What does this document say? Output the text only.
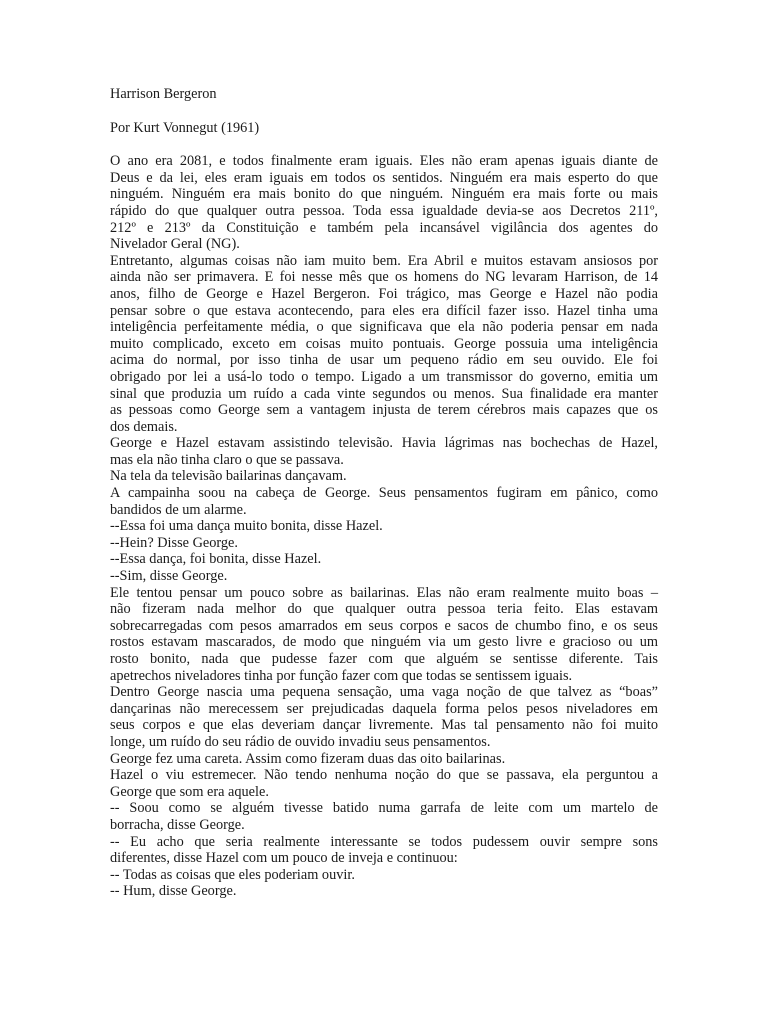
Harrison Bergeron
Por Kurt Vonnegut (1961)
O ano era 2081, e todos finalmente eram iguais. Eles não eram apenas iguais diante de
Deus e da lei, eles eram iguais em todos os sentidos. Ninguém era mais esperto do que
ninguém. Ninguém era mais bonito do que ninguém. Ninguém era mais forte ou mais
rápido do que qualquer outra pessoa. Toda essa igualdade devia-se aos Decretos 211º,
212º e 213º da Constituição e também pela incansável vigilância dos agentes do
Nivelador Geral (NG).
Entretanto, algumas coisas não iam muito bem. Era Abril e muitos estavam ansiosos por
ainda não ser primavera. E foi nesse mês que os homens do NG levaram Harrison, de 14
anos, filho de George e Hazel Bergeron. Foi trágico, mas George e Hazel não podia
pensar sobre o que estava acontecendo, para eles era difícil fazer isso. Hazel tinha uma
inteligência perfeitamente média, o que significava que ela não poderia pensar em nada
muito complicado, exceto em coisas muito pontuais. George possuia uma inteligência
acima do normal, por isso tinha de usar um pequeno rádio em seu ouvido. Ele foi
obrigado por lei a usá-lo todo o tempo. Ligado a um transmissor do governo, emitia um
sinal que produzia um ruído a cada vinte segundos ou menos. Sua finalidade era manter
as pessoas como George sem a vantagem injusta de terem cérebros mais capazes que os
dos demais.
George e Hazel estavam assistindo televisão. Havia lágrimas nas bochechas de Hazel,
mas ela não tinha claro o que se passava.
Na tela da televisão bailarinas dançavam.
A campainha soou na cabeça de George. Seus pensamentos fugiram em pânico, como
bandidos de um alarme.
--Essa foi uma dança muito bonita, disse Hazel.
--Hein? Disse George.
--Essa dança, foi bonita, disse Hazel.
--Sim, disse George.
Ele tentou pensar um pouco sobre as bailarinas. Elas não eram realmente muito boas –
não fizeram nada melhor do que qualquer outra pessoa teria feito. Elas estavam
sobrecarregadas com pesos amarrados em seus corpos e sacos de chumbo fino, e os seus
rostos estavam mascarados, de modo que ninguém via um gesto livre e gracioso ou um
rosto bonito, nada que pudesse fazer com que alguém se sentisse diferente. Tais
apetrechos niveladores tinha por função fazer com que todas se sentissem iguais.
Dentro George nascia uma pequena sensação, uma vaga noção de que talvez as “boas”
dançarinas não merecessem ser prejudicadas daquela forma pelos pesos niveladores em
seus corpos e que elas deveriam dançar livremente. Mas tal pensamento não foi muito
longe, um ruído do seu rádio de ouvido invadiu seus pensamentos.
George fez uma careta. Assim como fizeram duas das oito bailarinas.
Hazel o viu estremecer. Não tendo nenhuma noção do que se passava, ela perguntou a
George que som era aquele.
-- Soou como se alguém tivesse batido numa garrafa de leite com um martelo de
borracha, disse George.
-- Eu acho que seria realmente interessante se todos pudessem ouvir sempre sons
diferentes, disse Hazel com um pouco de inveja e continuou:
-- Todas as coisas que eles poderiam ouvir.
-- Hum, disse George.
